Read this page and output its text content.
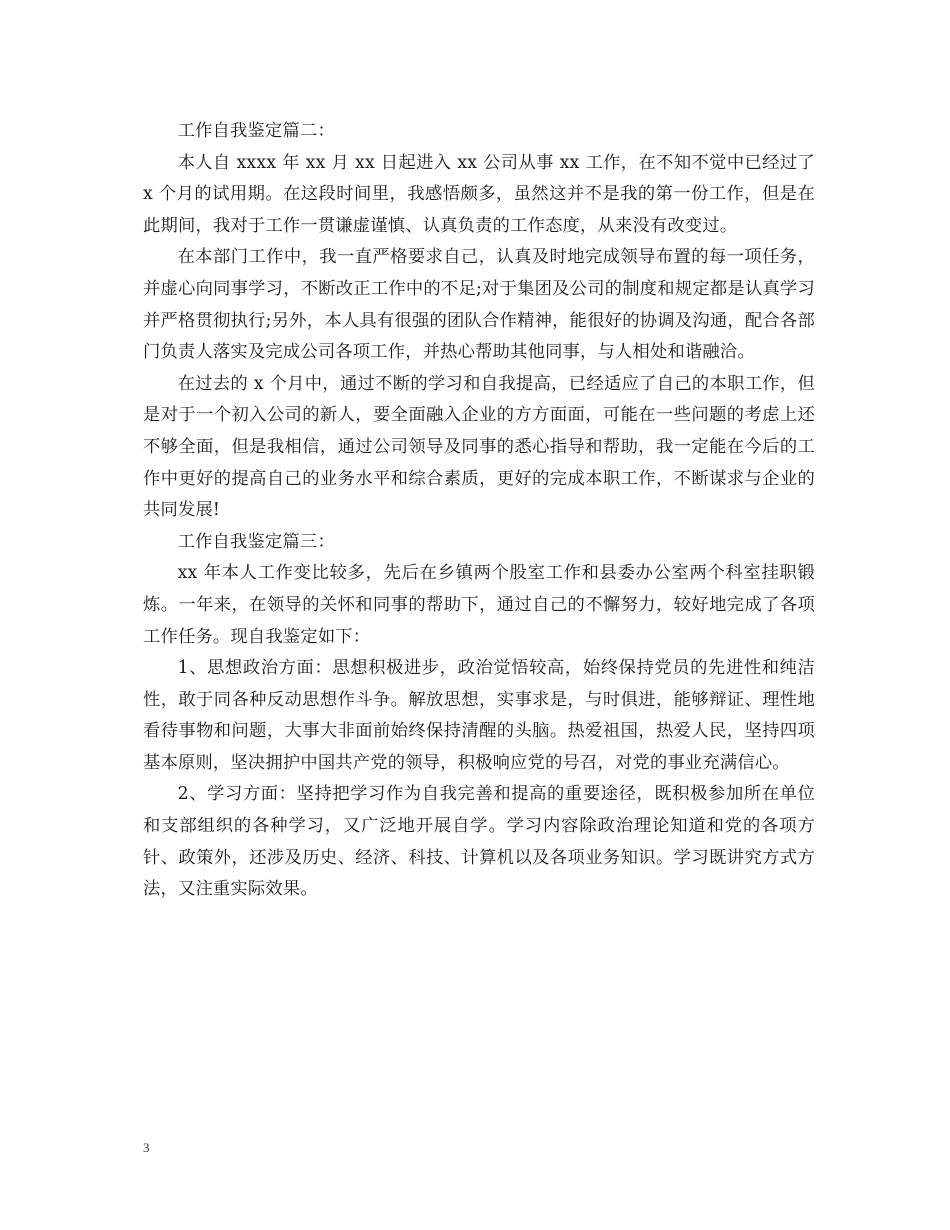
工作自我鉴定篇二：

本人自 xxxx 年 xx 月 xx 日起进入 xx 公司从事 xx 工作，在不知不觉中已经过了 x 个月的试用期。在这段时间里，我感悟颇多，虽然这并不是我的第一份工作，但是在此期间，我对于工作一贯谦虚谨慎、认真负责的工作态度，从来没有改变过。

在本部门工作中，我一直严格要求自己，认真及时地完成领导布置的每一项任务，并虚心向同事学习，不断改正工作中的不足;对于集团及公司的制度和规定都是认真学习并严格贯彻执行;另外，本人具有很强的团队合作精神，能很好的协调及沟通，配合各部门负责人落实及完成公司各项工作，并热心帮助其他同事，与人相处和谐融洽。

在过去的 x 个月中，通过不断的学习和自我提高，已经适应了自己的本职工作，但是对于一个初入公司的新人，要全面融入企业的方方面面，可能在一些问题的考虑上还不够全面，但是我相信，通过公司领导及同事的悉心指导和帮助，我一定能在今后的工作中更好的提高自己的业务水平和综合素质，更好的完成本职工作，不断谋求与企业的共同发展!

工作自我鉴定篇三：

xx 年本人工作变比较多，先后在乡镇两个股室工作和县委办公室两个科室挂职锻炼。一年来，在领导的关怀和同事的帮助下，通过自己的不懈努力，较好地完成了各项工作任务。现自我鉴定如下：

1、思想政治方面：思想积极进步，政治觉悟较高，始终保持党员的先进性和纯洁性，敢于同各种反动思想作斗争。解放思想，实事求是，与时俱进，能够辩证、理性地看待事物和问题，大事大非面前始终保持清醒的头脑。热爱祖国，热爱人民，坚持四项基本原则，坚决拥护中国共产党的领导，积极响应党的号召，对党的事业充满信心。

2、学习方面：坚持把学习作为自我完善和提高的重要途径，既积极参加所在单位和支部组织的各种学习，又广泛地开展自学。学习内容除政治理论知道和党的各项方针、政策外，还涉及历史、经济、科技、计算机以及各项业务知识。学习既讲究方式方法，又注重实际效果。

3
